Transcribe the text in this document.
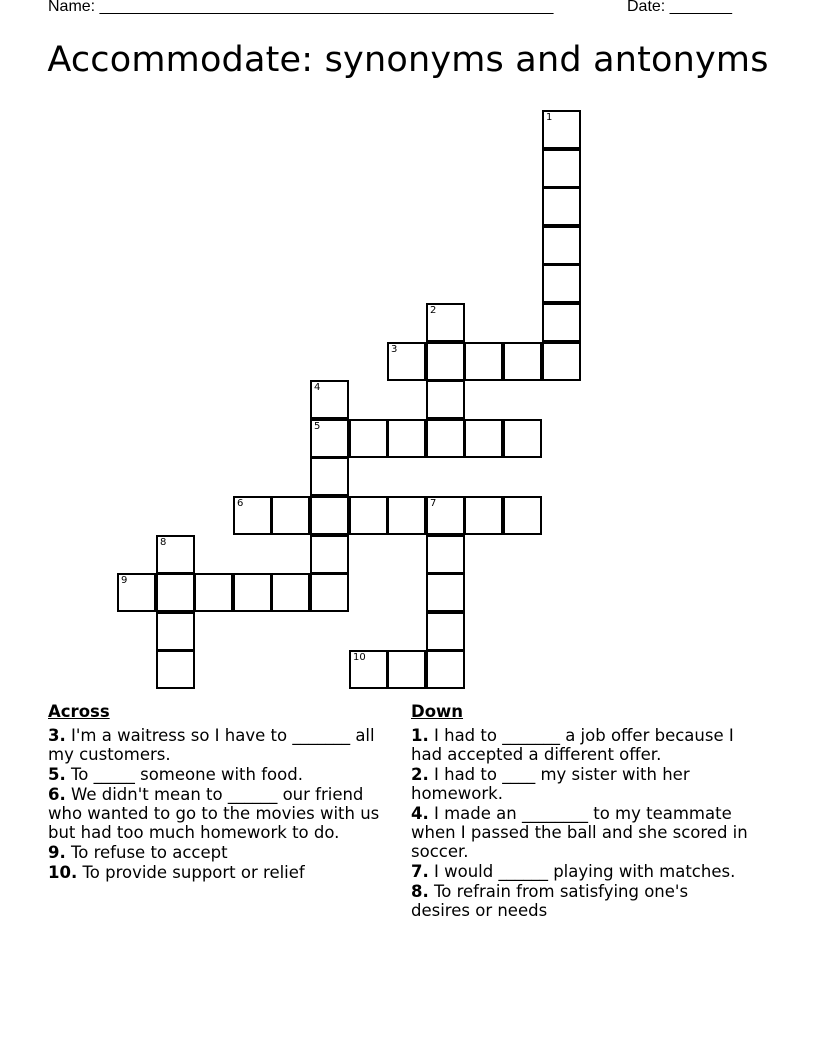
Name: ___________________________________________________	Date: _______
Accommodate: synonyms and antonyms
1
2
3
4
5
6	7
8
9
10
Across
3. I'm a waitress so I have to _______ all my customers.
5. To _____ someone with food.
6. We didn't mean to ______ our friend who wanted to go to the movies with us but had too much homework to do.
9. To refuse to accept
10. To provide support or relief
Down
1. I had to _______ a job offer because I had accepted a different offer.
2. I had to ____ my sister with her homework.
4. I made an ________ to my teammate when I passed the ball and she scored in soccer.
7. I would ______ playing with matches.
8. To refrain from satisfying one's desires or needs
